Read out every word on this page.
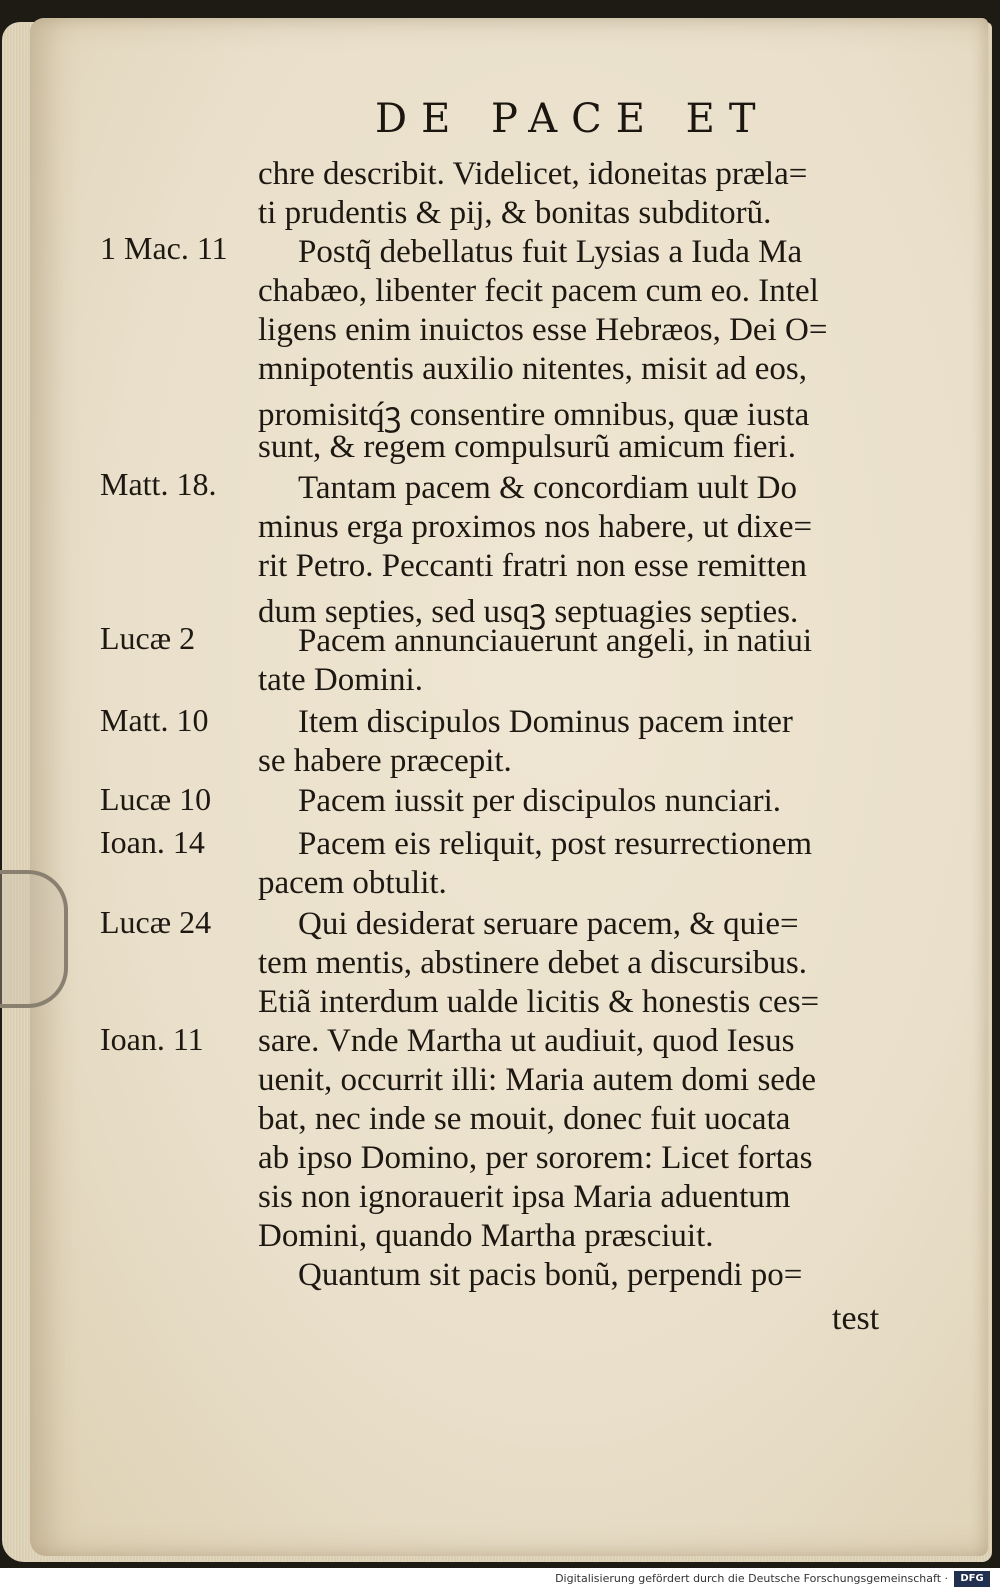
DE PACE ET
chre describit. Videlicet, idoneitas præla=
ti prudentis & pij, & bonitas subditorũ.
Postq̃ debellatus fuit Lysias a Iuda Ma
chabæo, libenter fecit pacem cum eo. Intel
ligens enim inuictos esse Hebræos, Dei O=
mnipotentis auxilio nitentes, misit ad eos,
promisitq́ꝫ consentire omnibus, quæ iusta
sunt, & regem compulsurũ amicum fieri.
Tantam pacem & concordiam uult Do
minus erga proximos nos habere, ut dixe=
rit Petro. Peccanti fratri non esse remitten
dum septies, sed usqꝫ septuagies septies.
Pacem annunciauerunt angeli, in natiui
tate Domini.
Item discipulos Dominus pacem inter
se habere præcepit.
Pacem iussit per discipulos nunciari.
Pacem eis reliquit, post resurrectionem
pacem obtulit.
Qui desiderat seruare pacem, & quie=
tem mentis, abstinere debet a discursibus.
Etiã interdum ualde licitis & honestis ces=
sare. Vnde Martha ut audiuit, quod Iesus
uenit, occurrit illi: Maria autem domi sede
bat, nec inde se mouit, donec fuit uocata
ab ipso Domino, per sororem: Licet fortas
sis non ignorauerit ipsa Maria aduentum
Domini, quando Martha præsciuit.
Quantum sit pacis bonũ, perpendi po=
test
1 Mac. 11
Matt. 18.
Lucæ 2
Matt. 10
Lucæ 10
Ioan. 14
Lucæ 24
Ioan. 11
Digitalisierung gefördert durch die Deutsche Forschungsgemeinschaft ·	DFG
